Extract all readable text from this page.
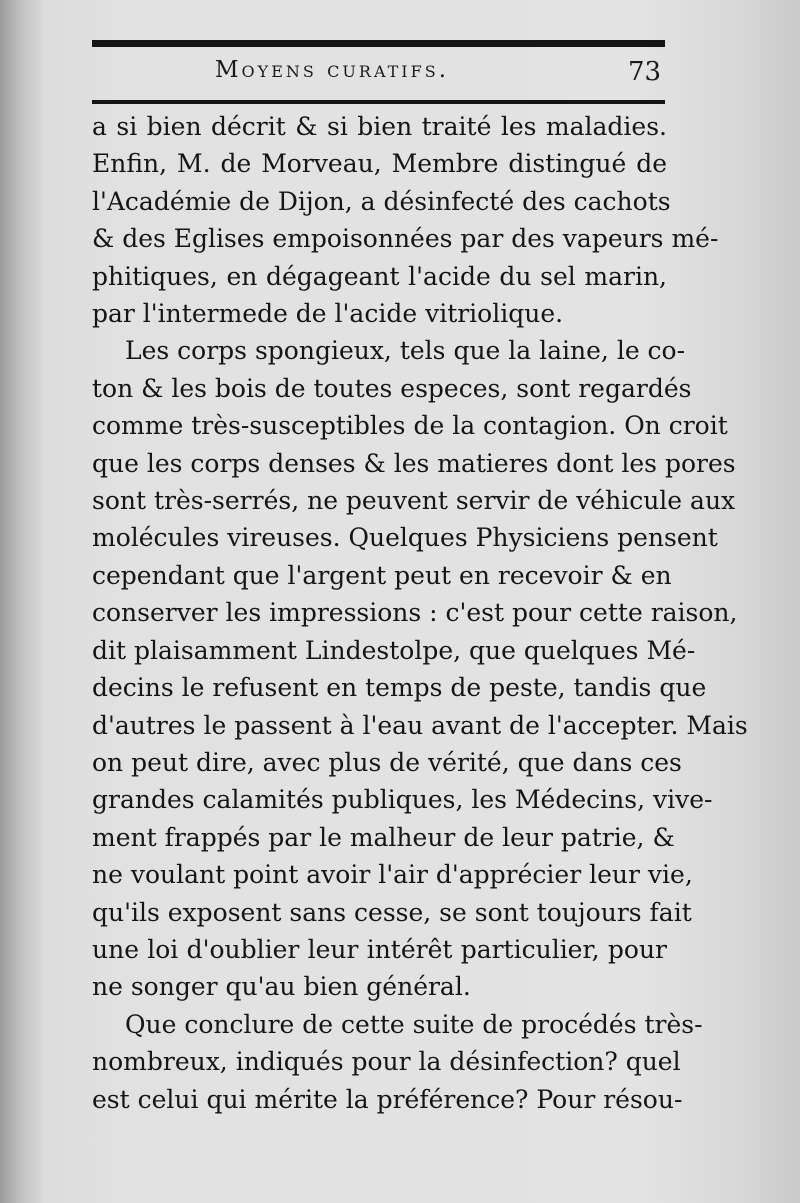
Moyens curatifs.	73
a si bien décrit & si bien traité les maladies.
Enfin, M. de Morveau, Membre distingué de
l'Académie de Dijon, a désinfecté des cachots
& des Eglises empoisonnées par des vapeurs mé-
phitiques, en dégageant l'acide du sel marin,
par l'intermede de l'acide vitriolique.
Les corps spongieux, tels que la laine, le co-
ton & les bois de toutes especes, sont regardés
comme très-susceptibles de la contagion. On croit
que les corps denses & les matieres dont les pores
sont très-serrés, ne peuvent servir de véhicule aux
molécules vireuses. Quelques Physiciens pensent
cependant que l'argent peut en recevoir & en
conserver les impressions : c'est pour cette raison,
dit plaisamment Lindestolpe, que quelques Mé-
decins le refusent en temps de peste, tandis que
d'autres le passent à l'eau avant de l'accepter. Mais
on peut dire, avec plus de vérité, que dans ces
grandes calamités publiques, les Médecins, vive-
ment frappés par le malheur de leur patrie, &
ne voulant point avoir l'air d'apprécier leur vie,
qu'ils exposent sans cesse, se sont toujours fait
une loi d'oublier leur intérêt particulier, pour
ne songer qu'au bien général.
Que conclure de cette suite de procédés très-
nombreux, indiqués pour la désinfection? quel
est celui qui mérite la préférence? Pour résou-
